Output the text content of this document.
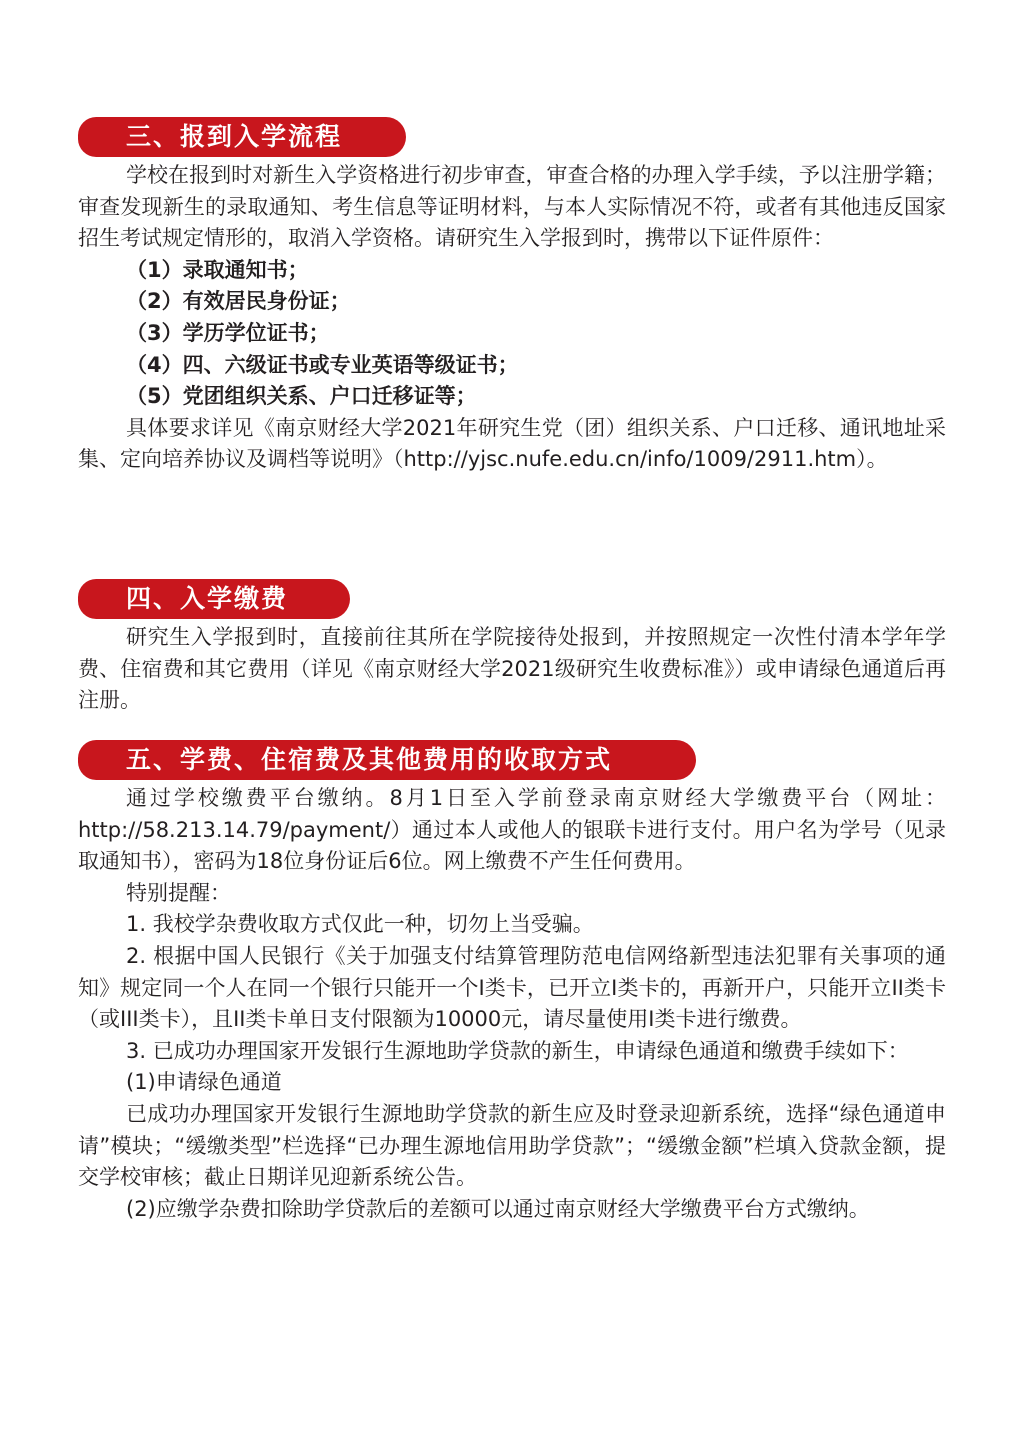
三、报到入学流程

学校在报到时对新生入学资格进行初步审查，审查合格的办理入学手续，予以注册学籍；审查发现新生的录取通知、考生信息等证明材料，与本人实际情况不符，或者有其他违反国家招生考试规定情形的，取消入学资格。请研究生入学报到时，携带以下证件原件：

（1）录取通知书；

（2）有效居民身份证；

（3）学历学位证书；

（4）四、六级证书或专业英语等级证书；

（5）党团组织关系、户口迁移证等；

具体要求详见《南京财经大学2021年研究生党（团）组织关系、户口迁移、通讯地址采集、定向培养协议及调档等说明》（http://yjsc.nufe.edu.cn/info/1009/2911.htm）。

四、入学缴费

研究生入学报到时，直接前往其所在学院接待处报到，并按照规定一次性付清本学年学费、住宿费和其它费用（详见《南京财经大学2021级研究生收费标准》）或申请绿色通道后再注册。

五、学费、住宿费及其他费用的收取方式

通过学校缴费平台缴纳。8月1日至入学前登录南京财经大学缴费平台（网址：http://58.213.14.79/payment/）通过本人或他人的银联卡进行支付。用户名为学号（见录取通知书），密码为18位身份证后6位。网上缴费不产生任何费用。

特别提醒：

1. 我校学杂费收取方式仅此一种，切勿上当受骗。

2. 根据中国人民银行《关于加强支付结算管理防范电信网络新型违法犯罪有关事项的通知》规定同一个人在同一个银行只能开一个I类卡，已开立I类卡的，再新开户，只能开立II类卡（或III类卡），且II类卡单日支付限额为10000元，请尽量使用I类卡进行缴费。

3. 已成功办理国家开发银行生源地助学贷款的新生，申请绿色通道和缴费手续如下：

(1)申请绿色通道

已成功办理国家开发银行生源地助学贷款的新生应及时登录迎新系统，选择“绿色通道申请”模块；“缓缴类型”栏选择“已办理生源地信用助学贷款”；“缓缴金额”栏填入贷款金额，提交学校审核；截止日期详见迎新系统公告。

(2)应缴学杂费扣除助学贷款后的差额可以通过南京财经大学缴费平台方式缴纳。
